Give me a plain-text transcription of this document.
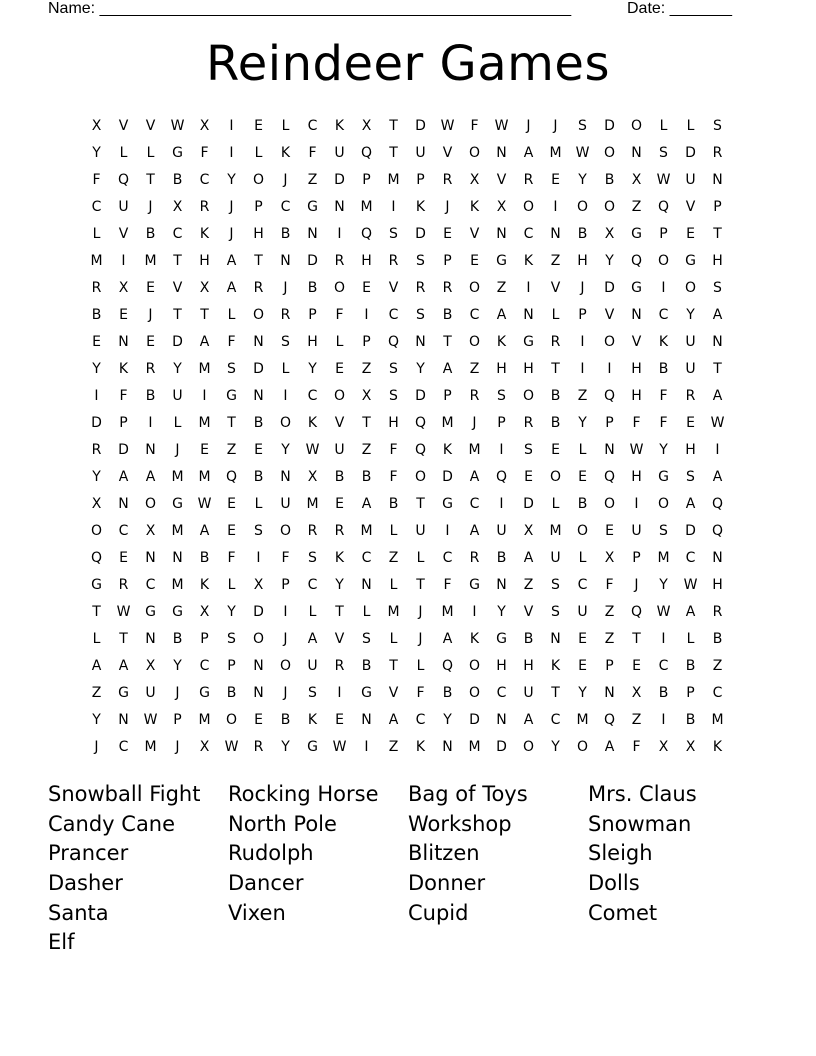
Name: _____________________________________________________	Date: _______
Reindeer Games
X	V	V	W	X	I	E	L	C	K	X	T	D	W	F	W	J	J	S	D	O	L	L	S
Y	L	L	G	F	I	L	K	F	U	Q	T	U	V	O	N	A	M	W	O	N	S	D	R
F	Q	T	B	C	Y	O	J	Z	D	P	M	P	R	X	V	R	E	Y	B	X	W	U	N
C	U	J	X	R	J	P	C	G	N	M	I	K	J	K	X	O	I	O	O	Z	Q	V	P
L	V	B	C	K	J	H	B	N	I	Q	S	D	E	V	N	C	N	B	X	G	P	E	T
M	I	M	T	H	A	T	N	D	R	H	R	S	P	E	G	K	Z	H	Y	Q	O	G	H
R	X	E	V	X	A	R	J	B	O	E	V	R	R	O	Z	I	V	J	D	G	I	O	S
B	E	J	T	T	L	O	R	P	F	I	C	S	B	C	A	N	L	P	V	N	C	Y	A
E	N	E	D	A	F	N	S	H	L	P	Q	N	T	O	K	G	R	I	O	V	K	U	N
Y	K	R	Y	M	S	D	L	Y	E	Z	S	Y	A	Z	H	H	T	I	I	H	B	U	T
I	F	B	U	I	G	N	I	C	O	X	S	D	P	R	S	O	B	Z	Q	H	F	R	A
D	P	I	L	M	T	B	O	K	V	T	H	Q	M	J	P	R	B	Y	P	F	F	E	W
R	D	N	J	E	Z	E	Y	W	U	Z	F	Q	K	M	I	S	E	L	N	W	Y	H	I
Y	A	A	M	M	Q	B	N	X	B	B	F	O	D	A	Q	E	O	E	Q	H	G	S	A
X	N	O	G	W	E	L	U	M	E	A	B	T	G	C	I	D	L	B	O	I	O	A	Q
O	C	X	M	A	E	S	O	R	R	M	L	U	I	A	U	X	M	O	E	U	S	D	Q
Q	E	N	N	B	F	I	F	S	K	C	Z	L	C	R	B	A	U	L	X	P	M	C	N
G	R	C	M	K	L	X	P	C	Y	N	L	T	F	G	N	Z	S	C	F	J	Y	W	H
T	W	G	G	X	Y	D	I	L	T	L	M	J	M	I	Y	V	S	U	Z	Q	W	A	R
L	T	N	B	P	S	O	J	A	V	S	L	J	A	K	G	B	N	E	Z	T	I	L	B
A	A	X	Y	C	P	N	O	U	R	B	T	L	Q	O	H	H	K	E	P	E	C	B	Z
Z	G	U	J	G	B	N	J	S	I	G	V	F	B	O	C	U	T	Y	N	X	B	P	C
Y	N	W	P	M	O	E	B	K	E	N	A	C	Y	D	N	A	C	M	Q	Z	I	B	M
J	C	M	J	X	W	R	Y	G	W	I	Z	K	N	M	D	O	Y	O	A	F	X	X	K
Snowball Fight	Rocking Horse	Bag of Toys	Mrs. Claus
Candy Cane	North Pole	Workshop	Snowman
Prancer	Rudolph	Blitzen	Sleigh
Dasher	Dancer	Donner	Dolls
Santa	Vixen	Cupid	Comet
Elf
